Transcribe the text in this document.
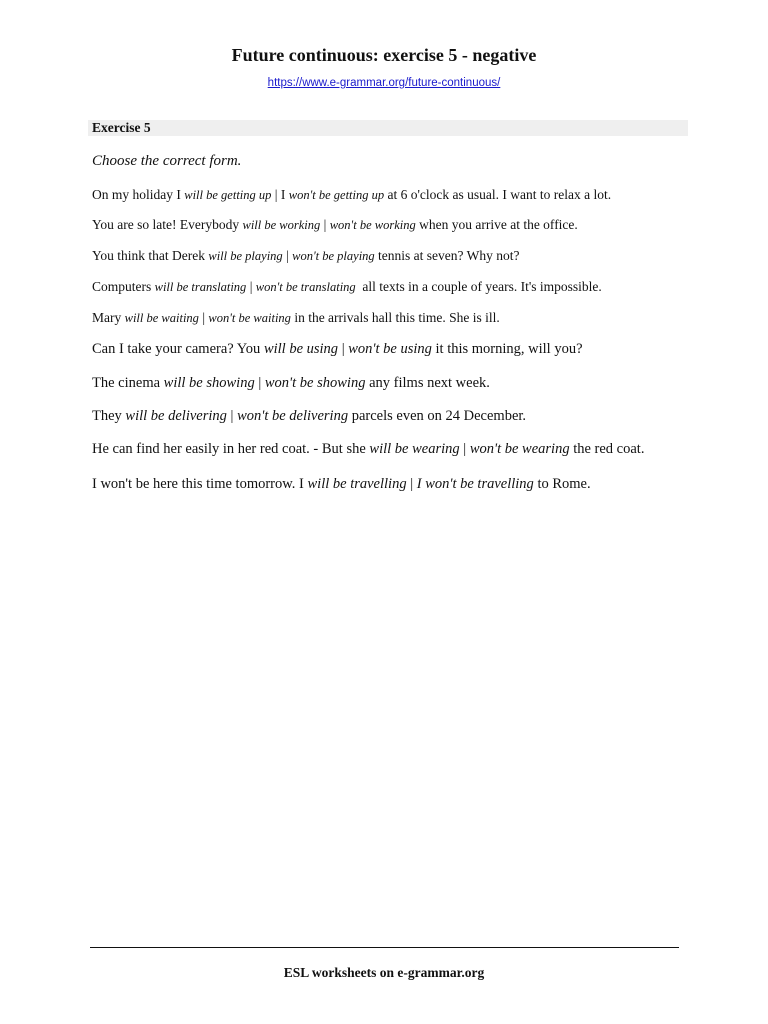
Future continuous: exercise 5 - negative
https://www.e-grammar.org/future-continuous/
Exercise 5
Choose the correct form.
On my holiday I will be getting up | I won't be getting up at 6 o'clock as usual. I want to relax a lot.
You are so late! Everybody will be working | won't be working when you arrive at the office.
You think that Derek will be playing | won't be playing tennis at seven? Why not?
Computers will be translating | won't be translating  all texts in a couple of years. It's impossible.
Mary will be waiting | won't be waiting in the arrivals hall this time. She is ill.
Can I take your camera? You will be using | won't be using it this morning, will you?
The cinema will be showing | won't be showing any films next week.
They will be delivering | won't be delivering parcels even on 24 December.
He can find her easily in her red coat. - But she will be wearing | won't be wearing the red coat.
I won't be here this time tomorrow. I will be travelling | I won't be travelling to Rome.
ESL worksheets on e-grammar.org
